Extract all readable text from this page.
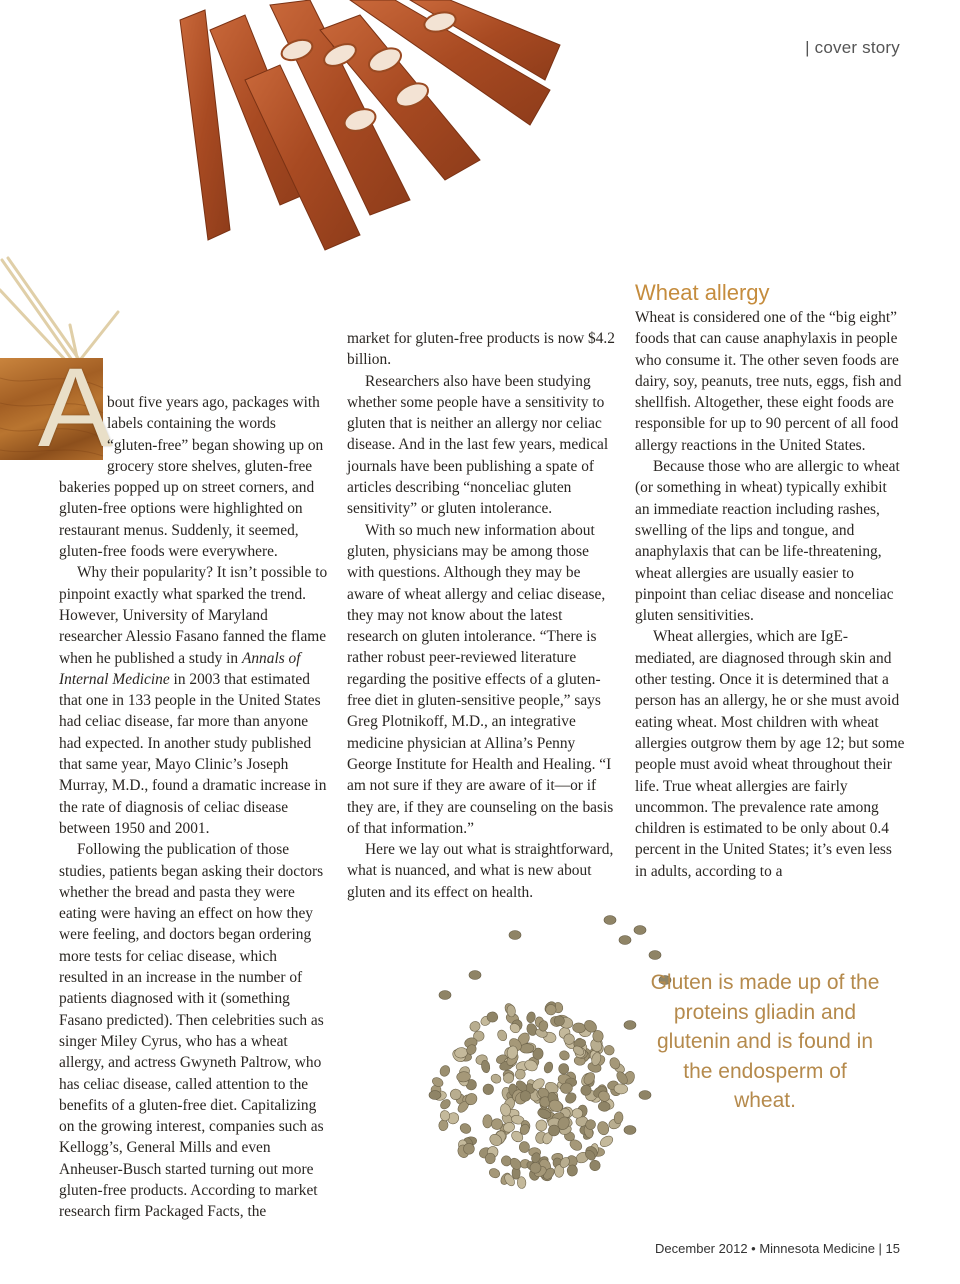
| cover story
A

bout five years ago, packages with labels containing the words “gluten-free” began showing up on grocery store shelves, gluten-free bakeries popped up on street corners, and gluten-free options were highlighted on restaurant menus. Suddenly, it seemed, gluten-free foods were everywhere.

Why their popularity? It isn’t possible to pinpoint exactly what sparked the trend. However, University of Maryland researcher Alessio Fasano fanned the flame when he published a study in Annals of Internal Medicine in 2003 that estimated that one in 133 people in the United States had celiac disease, far more than anyone had expected. In another study published that same year, Mayo Clinic’s Joseph Murray, M.D., found a dramatic increase in the rate of diagnosis of celiac disease between 1950 and 2001.

Following the publication of those studies, patients began asking their doctors whether the bread and pasta they were eating were having an effect on how they were feeling, and doctors began ordering more tests for celiac disease, which resulted in an increase in the number of patients diagnosed with it (something Fasano predicted). Then celebrities such as singer Miley Cyrus, who has a wheat allergy, and actress Gwyneth Paltrow, who has celiac disease, called attention to the benefits of a gluten-free diet. Capitalizing on the growing interest, companies such as Kellogg’s, General Mills and even Anheuser-Busch started turning out more gluten-free products. According to market research firm Packaged Facts, the

market for gluten-free products is now $4.2 billion.

Researchers also have been studying whether some people have a sensitivity to gluten that is neither an allergy nor celiac disease. And in the last few years, medical journals have been publishing a spate of articles describing “nonceliac gluten sensitivity” or gluten intolerance.

With so much new information about gluten, physicians may be among those with questions. Although they may be aware of wheat allergy and celiac disease, they may not know about the latest research on gluten intolerance. “There is rather robust peer-reviewed literature regarding the positive effects of a gluten-free diet in gluten-sensitive people,” says Greg Plotnikoff, M.D., an integrative medicine physician at Allina’s Penny George Institute for Health and Healing. “I am not sure if they are aware of it—or if they are, if they are counseling on the basis of that information.”

Here we lay out what is straightforward, what is nuanced, and what is new about gluten and its effect on health.

Wheat allergy

Wheat is considered one of the “big eight” foods that can cause anaphylaxis in people who consume it. The other seven foods are dairy, soy, peanuts, tree nuts, eggs, fish and shellfish. Altogether, these eight foods are responsible for up to 90 percent of all food allergy reactions in the United States.

Because those who are allergic to wheat (or something in wheat) typically exhibit an immediate reaction including rashes, swelling of the lips and tongue, and anaphylaxis that can be life-threatening, wheat allergies are usually easier to pinpoint than celiac disease and nonceliac gluten sensitivities.

Wheat allergies, which are IgE-mediated, are diagnosed through skin and other testing. Once it is determined that a person has an allergy, he or she must avoid eating wheat. Most children with wheat allergies outgrow them by age 12; but some people must avoid wheat throughout their life. True wheat allergies are fairly uncommon. The prevalence rate among children is estimated to be only about 0.4 percent in the United States; it’s even less in adults, according to a

Gluten is made up of the proteins gliadin and glutenin and is found in the endosperm of wheat.
December 2012 • Minnesota Medicine | 15
